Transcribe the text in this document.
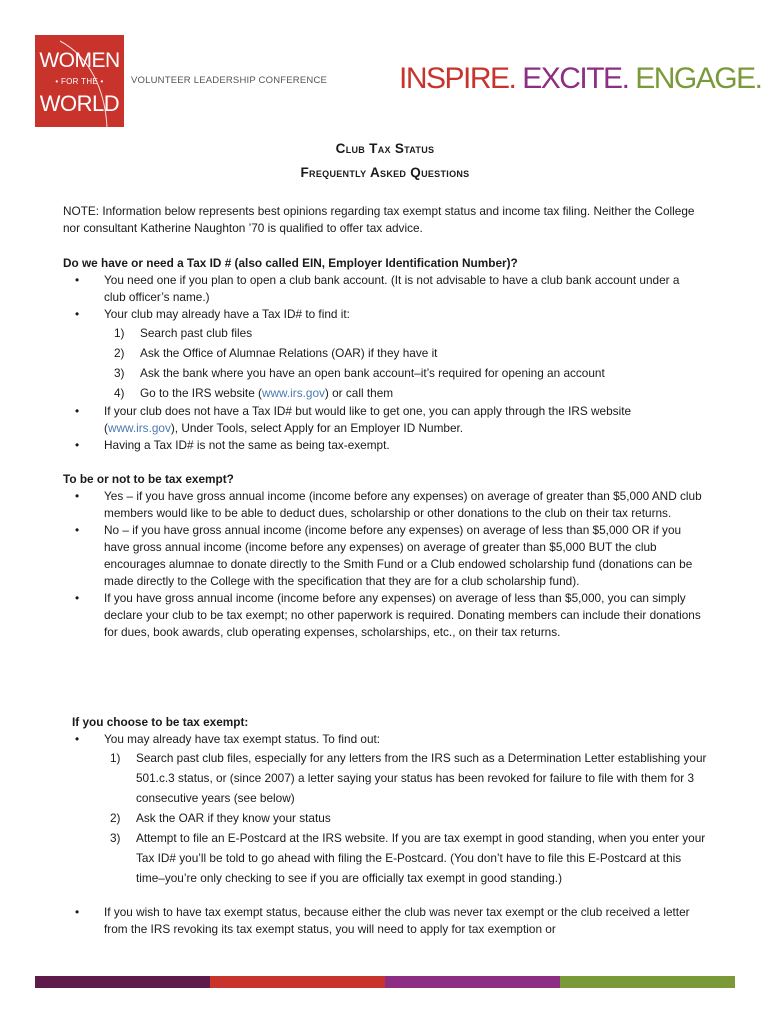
WOMEN
• FOR THE •
WORLD
VOLUNTEER LEADERSHIP CONFERENCE INSPIRE. EXCITE. ENGAGE.
Club Tax Status
Frequently Asked Questions

NOTE: Information below represents best opinions regarding tax exempt status and income tax filing. Neither the College nor consultant Katherine Naughton ’70 is qualified to offer tax advice.

Do we have or need a Tax ID # (also called EIN, Employer Identification Number)?

• You need one if you plan to open a club bank account. (It is not advisable to have a club bank account under a club officer’s name.)
• Your club may already have a Tax ID# to find it:
1) Search past club files
2) Ask the Office of Alumnae Relations (OAR) if they have it
3) Ask the bank where you have an open bank account–it’s required for opening an account
4) Go to the IRS website (www.irs.gov) or call them
• If your club does not have a Tax ID# but would like to get one, you can apply through the IRS website (www.irs.gov), Under Tools, select Apply for an Employer ID Number.
• Having a Tax ID# is not the same as being tax-exempt.

To be or not to be tax exempt?

• Yes – if you have gross annual income (income before any expenses) on average of greater than $5,000 AND club members would like to be able to deduct dues, scholarship or other donations to the club on their tax returns.
• No – if you have gross annual income (income before any expenses) on average of less than $5,000 OR if you have gross annual income (income before any expenses) on average of greater than $5,000 BUT the club encourages alumnae to donate directly to the Smith Fund or a Club endowed scholarship fund (donations can be made directly to the College with the specification that they are for a club scholarship fund).
• If you have gross annual income (income before any expenses) on average of less than $5,000, you can simply declare your club to be tax exempt; no other paperwork is required. Donating members can include their donations for dues, book awards, club operating expenses, scholarships, etc., on their tax returns.

If you choose to be tax exempt:

• You may already have tax exempt status. To find out:
1) Search past club files, especially for any letters from the IRS such as a Determination Letter establishing your 501.c.3 status, or (since 2007) a letter saying your status has been revoked for failure to file with them for 3 consecutive years (see below)
2) Ask the OAR if they know your status
3) Attempt to file an E-Postcard at the IRS website. If you are tax exempt in good standing, when you enter your Tax ID# you’ll be told to go ahead with filing the E-Postcard. (You don’t have to file this E-Postcard at this time–you’re only checking to see if you are officially tax exempt in good standing.)
• If you wish to have tax exempt status, because either the club was never tax exempt or the club received a letter from the IRS revoking its tax exempt status, you will need to apply for tax exemption or
